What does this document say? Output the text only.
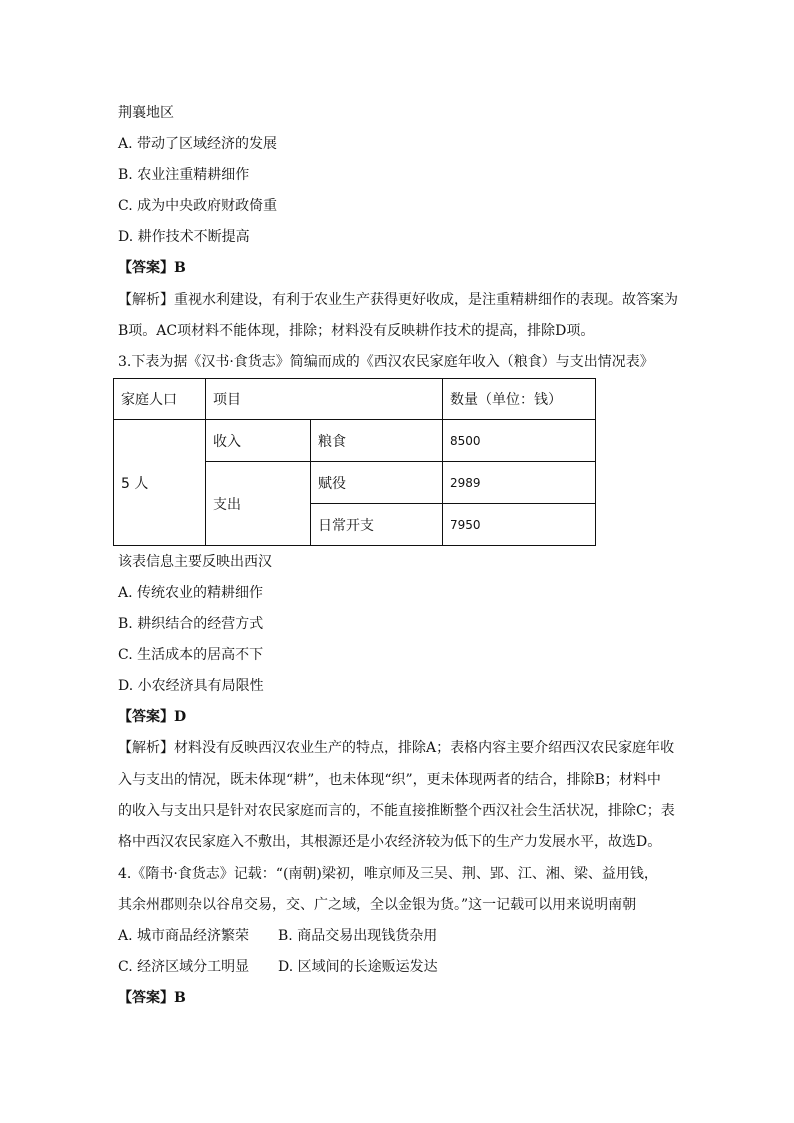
荆襄地区
A. 带动了区域经济的发展
B. 农业注重精耕细作
C. 成为中央政府财政倚重
D. 耕作技术不断提高
【答案】B
【解析】重视水利建设，有利于农业生产获得更好收成，是注重精耕细作的表现。故答案为
B项。AC项材料不能体现，排除；材料没有反映耕作技术的提高，排除D项。
3.下表为据《汉书·食货志》简编而成的《西汉农民家庭年收入（粮食）与支出情况表》
家庭人口	项目		数量（单位：钱）
5 人	收入	粮食	8500
	支出	赋役	2989
		日常开支	7950
该表信息主要反映出西汉
A. 传统农业的精耕细作
B. 耕织结合的经营方式
C. 生活成本的居高不下
D. 小农经济具有局限性
【答案】D
【解析】材料没有反映西汉农业生产的特点，排除A；表格内容主要介绍西汉农民家庭年收
入与支出的情况，既未体现“耕”，也未体现“织”，更未体现两者的结合，排除B；材料中
的收入与支出只是针对农民家庭而言的，不能直接推断整个西汉社会生活状况，排除C；表
格中西汉农民家庭入不敷出，其根源还是小农经济较为低下的生产力发展水平，故选D。
4.《隋书·食货志》记载：“(南朝)梁初，唯京师及三吴、荆、郢、江、湘、梁、益用钱，
其余州郡则杂以谷帛交易，交、广之域，全以金银为货。”这一记载可以用来说明南朝
A. 城市商品经济繁荣 B. 商品交易出现钱货杂用
C. 经济区域分工明显 D. 区域间的长途贩运发达
【答案】B
